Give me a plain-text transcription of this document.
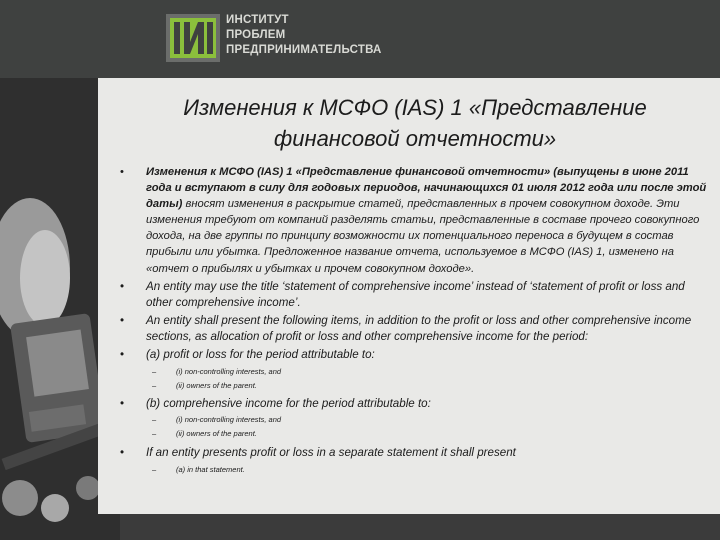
ИНСТИТУТ
ПРОБЛЕМ
ПРЕДПРИНИМАТЕЛЬСТВА
Изменения к МСФО (IAS) 1 «Представление финансовой отчетности»
• Изменения к МСФО (IAS) 1 «Представление финансовой отчетности» (выпущены в июне 2011 года и вступают в силу для годовых периодов, начинающихся 01 июля 2012 года или после этой даты) вносят изменения в раскрытие статей, представленных в прочем совокупном доходе. Эти изменения требуют от компаний разделять статьи, представленные в составе прочего совокупного дохода, на две группы по принципу возможности их потенциального переноса в будущем в состав прибыли или убытка. Предложенное название отчета, используемое в МСФО (IAS) 1, изменено на «отчет о прибылях и убытках и прочем совокупном доходе».
• An entity may use the title ‘statement of comprehensive income’ instead of ‘statement of profit or loss and other comprehensive income’.
• An entity shall present the following items, in addition to the profit or loss and other comprehensive income sections, as allocation of profit or loss and other comprehensive income for the period:
• (a) profit or loss for the period attributable to:
–	(i) non-controlling interests, and
–	(ii) owners of the parent.
• (b) comprehensive income for the period attributable to:
–	(i) non-controlling interests, and
–	(ii) owners of the parent.
• If an entity presents profit or loss in a separate statement it shall present
–	(a) in that statement.
